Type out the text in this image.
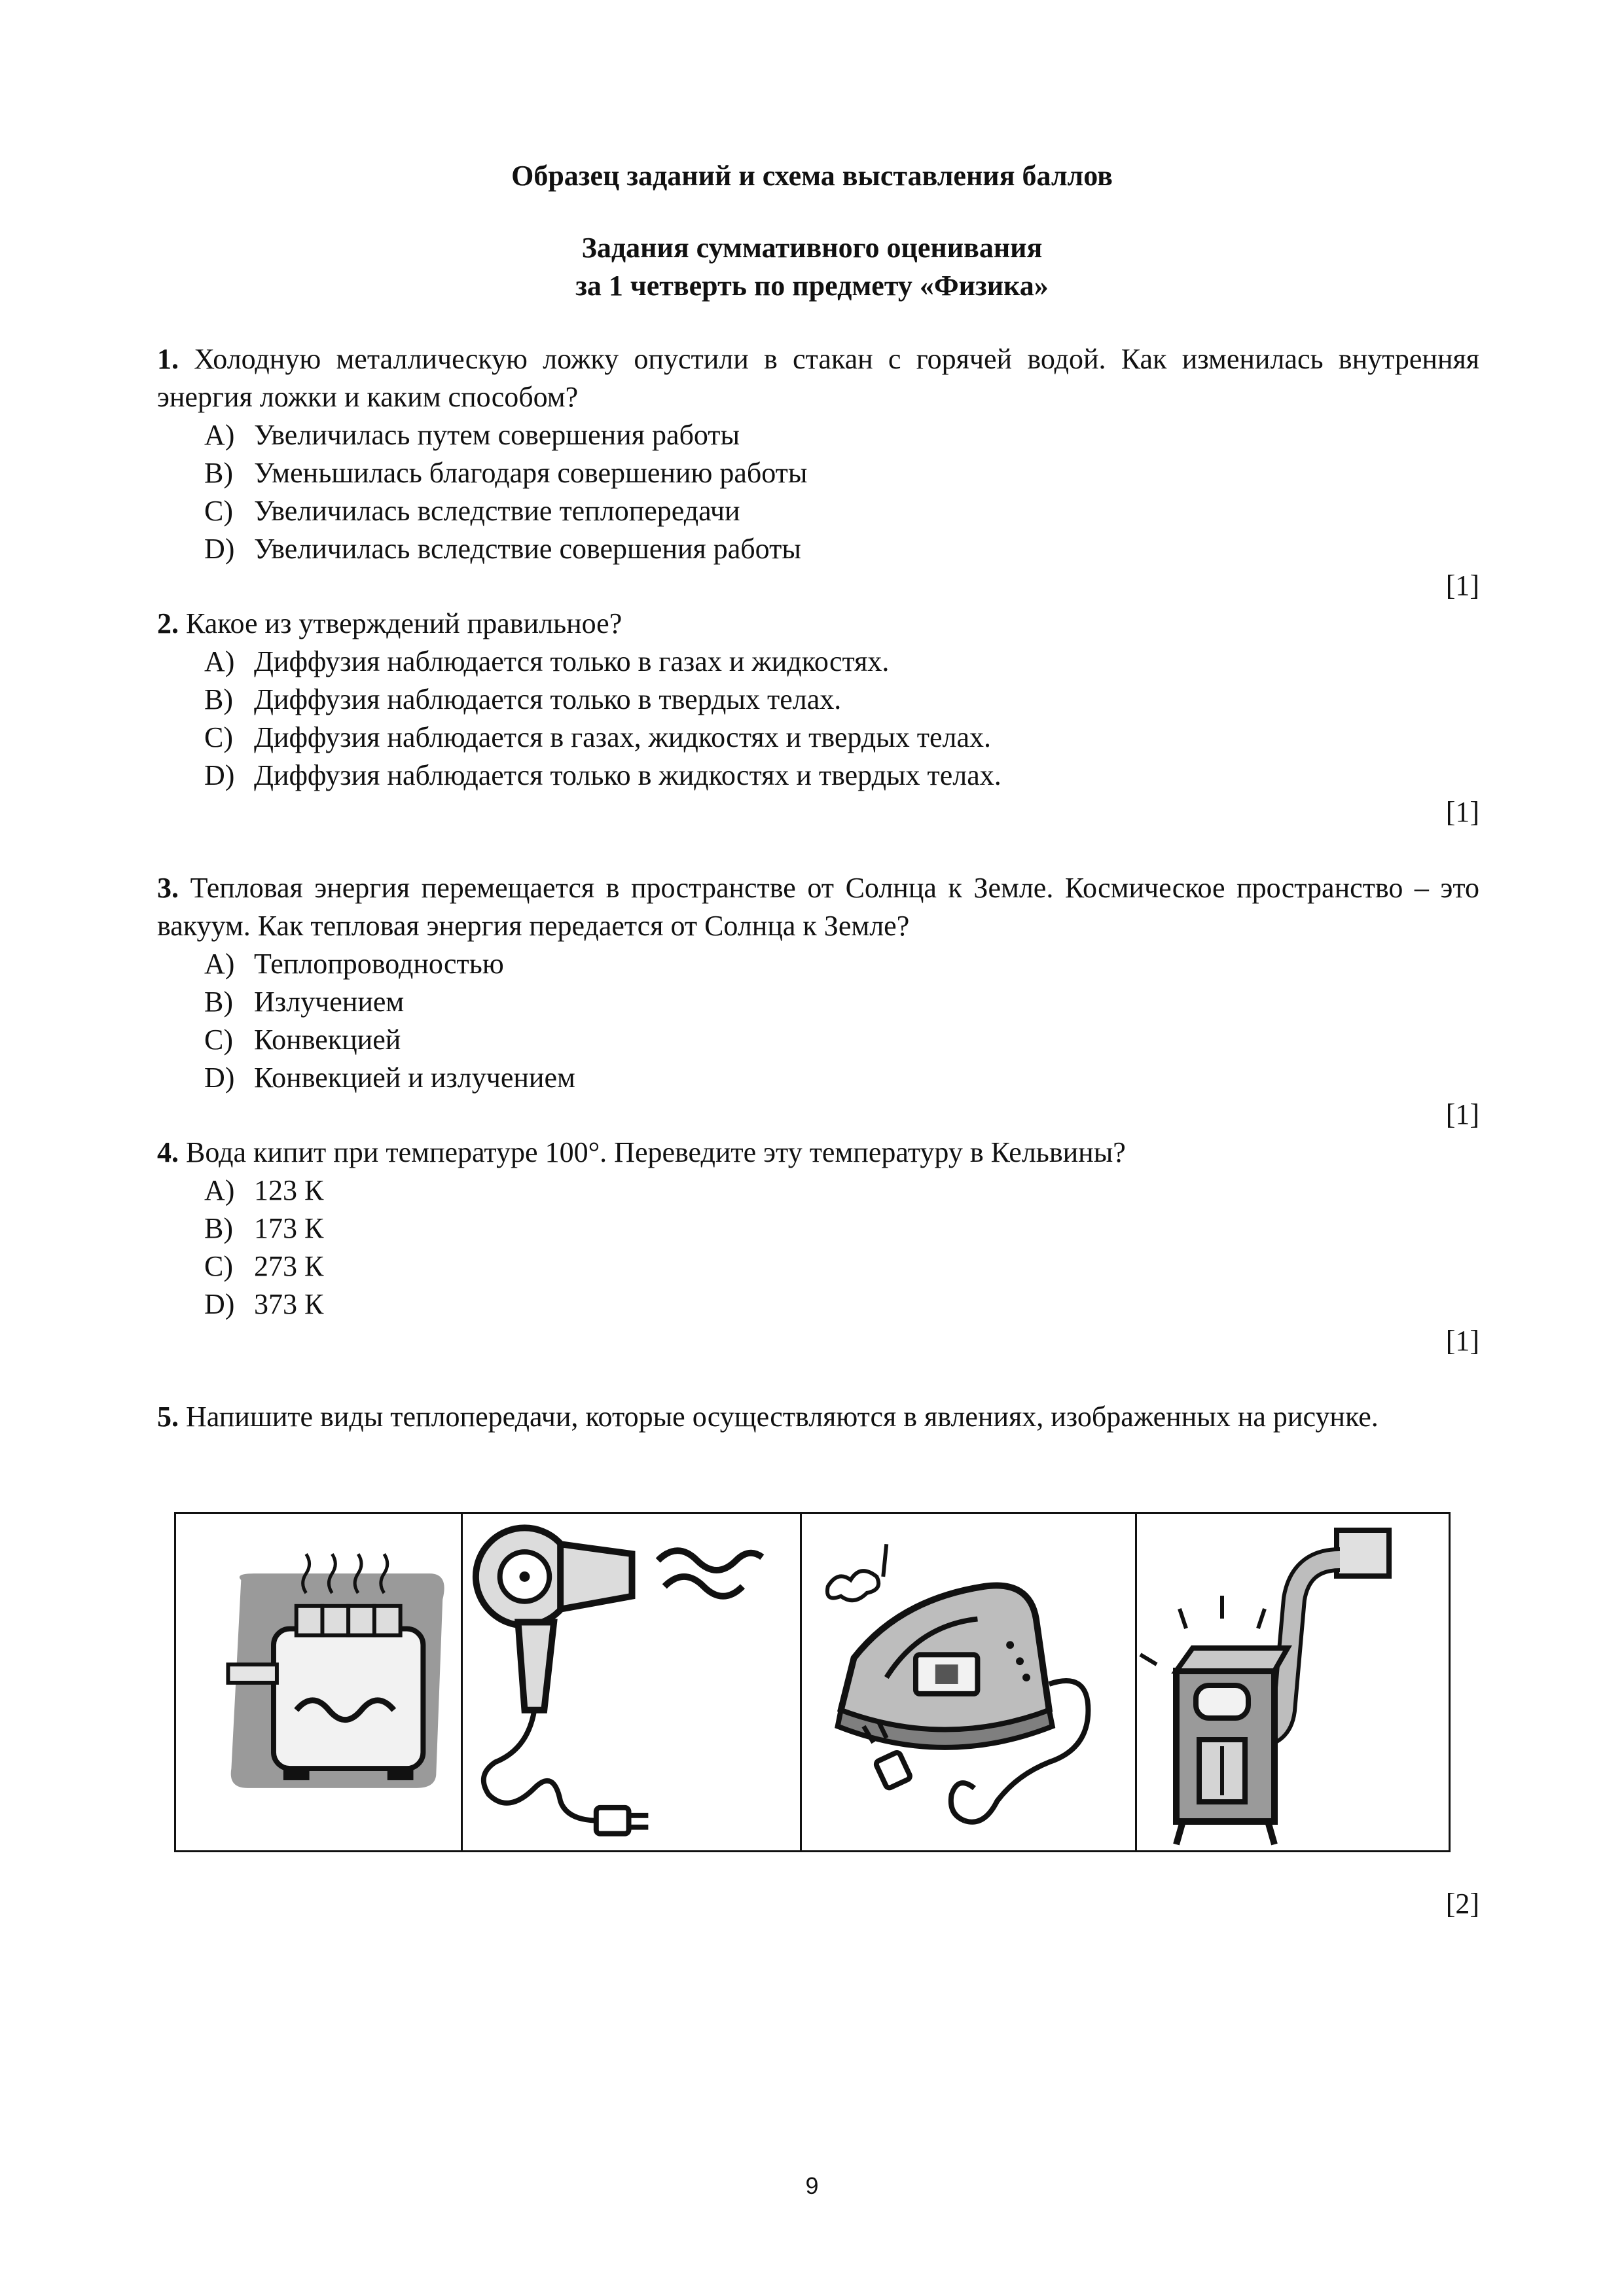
Образец заданий и схема выставления баллов
Задания суммативного оценивания
за 1 четверть по предмету «Физика»
1. Холодную металлическую ложку опустили в стакан с горячей водой. Как изменилась внутренняя энергия ложки и каким способом?
A) Увеличилась путем совершения работы
B) Уменьшилась благодаря совершению работы
C) Увеличилась вследствие теплопередачи
D) Увеличилась вследствие совершения работы
[1]
2. Какое из утверждений правильное?
A) Диффузия наблюдается только в газах и жидкостях.
B) Диффузия наблюдается только в твердых телах.
C) Диффузия наблюдается в газах, жидкостях и твердых телах.
D) Диффузия наблюдается только в жидкостях и твердых телах.
[1]
3. Тепловая энергия перемещается в пространстве от Солнца к Земле. Космическое пространство – это вакуум. Как тепловая энергия передается от Солнца к Земле?
A) Теплопроводностью
B) Излучением
C) Конвекцией
D) Конвекцией и излучением
[1]
4. Вода кипит при температуре 100°. Переведите эту температуру в Кельвины?
A) 123 К
B) 173 К
C) 273 К
D) 373 К
[1]
5. Напишите виды теплопередачи, которые осуществляются в явлениях, изображенных на рисунке.
[2]
9
